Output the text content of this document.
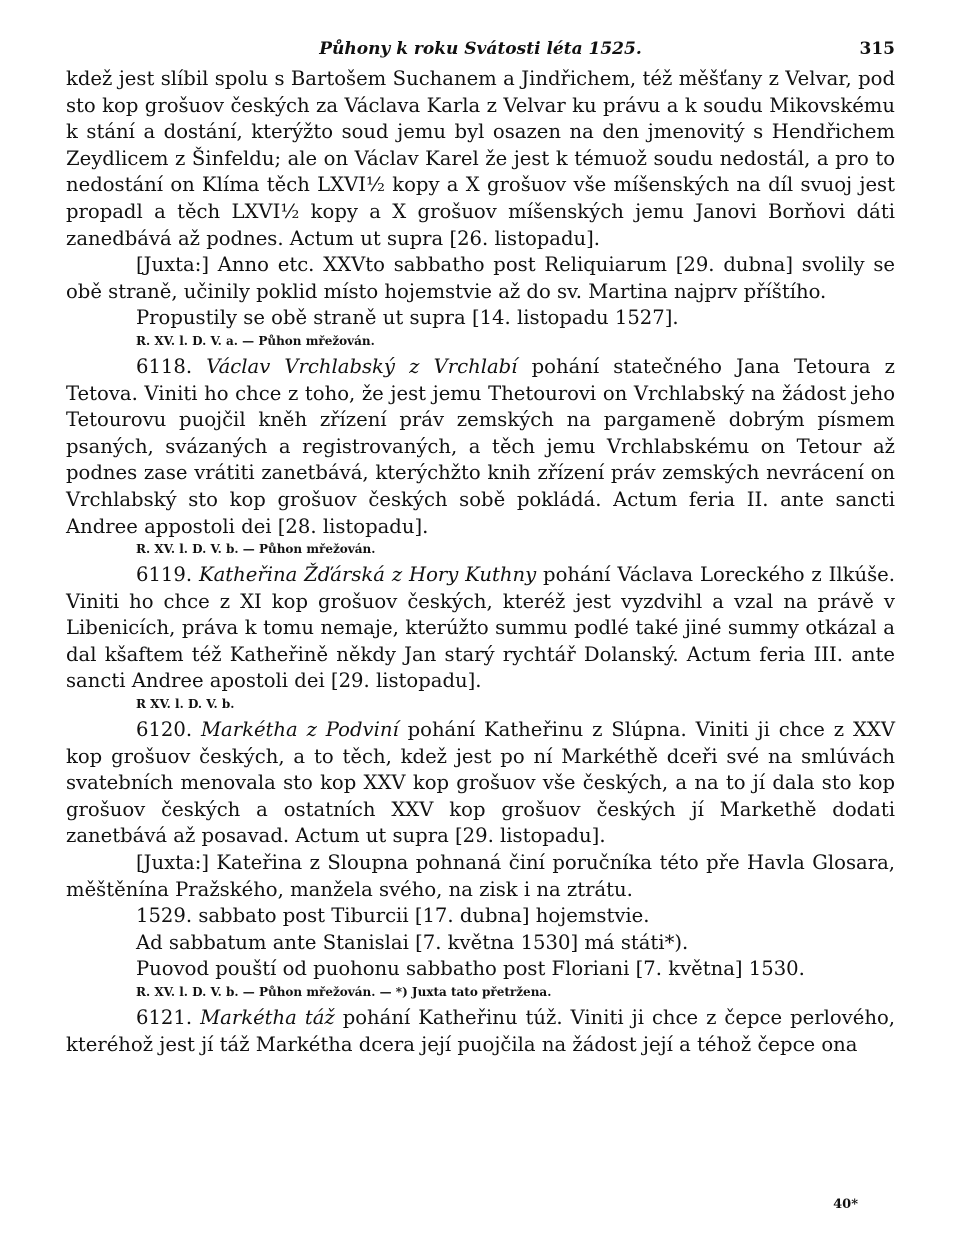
Půhony k roku Svátosti léta 1525.	315

kdež jest slíbil spolu s Bartošem Suchanem a Jindřichem, též měšťany z Velvar, pod sto kop grošuov českých za Václava Karla z Velvar ku právu a k soudu Mikovskému k stání a dostání, kterýžto soud jemu byl osazen na den jmenovitý s Hendřichem Zeydlicem z Šinfeldu; ale on Václav Karel že jest k témuož soudu nedostál, a pro to nedostání on Klíma těch LXVI½ kopy a X grošuov vše míšenských na díl svuoj jest propadl a těch LXVI½ kopy a X grošuov míšenských jemu Janovi Borňovi dáti zanedbává až podnes. Actum ut supra [26. listopadu].

[Juxta:] Anno etc. XXVto sabbatho post Reliquiarum [29. dubna] svolily se obě straně, učinily poklid místo hojemstvie až do sv. Martina najprv příštího.

Propustily se obě straně ut supra [14. listopadu 1527].

R. XV. l. D. V. a. — Půhon mřežován.

6118. Václav Vrchlabský z Vrchlabí pohání statečného Jana Tetoura z Tetova. Viniti ho chce z toho, že jest jemu Thetourovi on Vrchlabský na žádost jeho Tetourovu puojčil kněh zřízení práv zemských na pargameně dobrým písmem psaných, svázaných a registrovaných, a těch jemu Vrchlabskému on Tetour až podnes zase vrátiti zanetbává, kterýchžto knih zřízení práv zemských nevrácení on Vrchlabský sto kop grošuov českých sobě pokládá. Actum feria II. ante sancti Andree appostoli dei [28. listopadu].

R. XV. l. D. V. b. — Půhon mřežován.

6119. Katheřina Žďárská z Hory Kuthny pohání Václava Loreckého z Ilkúše. Viniti ho chce z XI kop grošuov českých, kteréž jest vyzdvihl a vzal na právě v Libenicích, práva k tomu nemaje, kterúžto summu podlé také jiné summy otkázal a dal kšaftem též Katheřině někdy Jan starý rychtář Dolanský. Actum feria III. ante sancti Andree apostoli dei [29. listopadu].

R XV. l. D. V. b.

6120. Markétha z Podviní pohání Katheřinu z Slúpna. Viniti ji chce z XXV kop grošuov českých, a to těch, kdež jest po ní Markéthě dceři své na smlúvách svatebních menovala sto kop XXV kop grošuov vše českých, a na to jí dala sto kop grošuov českých a ostatních XXV kop grošuov českých jí Markethě dodati zanetbává až posavad. Actum ut supra [29. listopadu].

[Juxta:] Kateřina z Sloupna pohnaná činí poručníka této pře Havla Glosara, měštěnína Pražského, manžela svého, na zisk i na ztrátu.

1529. sabbato post Tiburcii [17. dubna] hojemstvie.

Ad sabbatum ante Stanislai [7. května 1530] má státi*).

Puovod pouští od puohonu sabbatho post Floriani [7. května] 1530.

R. XV. l. D. V. b. — Půhon mřežován. — *) Juxta tato přetržena.

6121. Markétha táž pohání Katheřinu túž. Viniti ji chce z čepce perlového, kteréhož jest jí táž Markétha dcera její puojčila na žádost její a téhož čepce ona

40*
